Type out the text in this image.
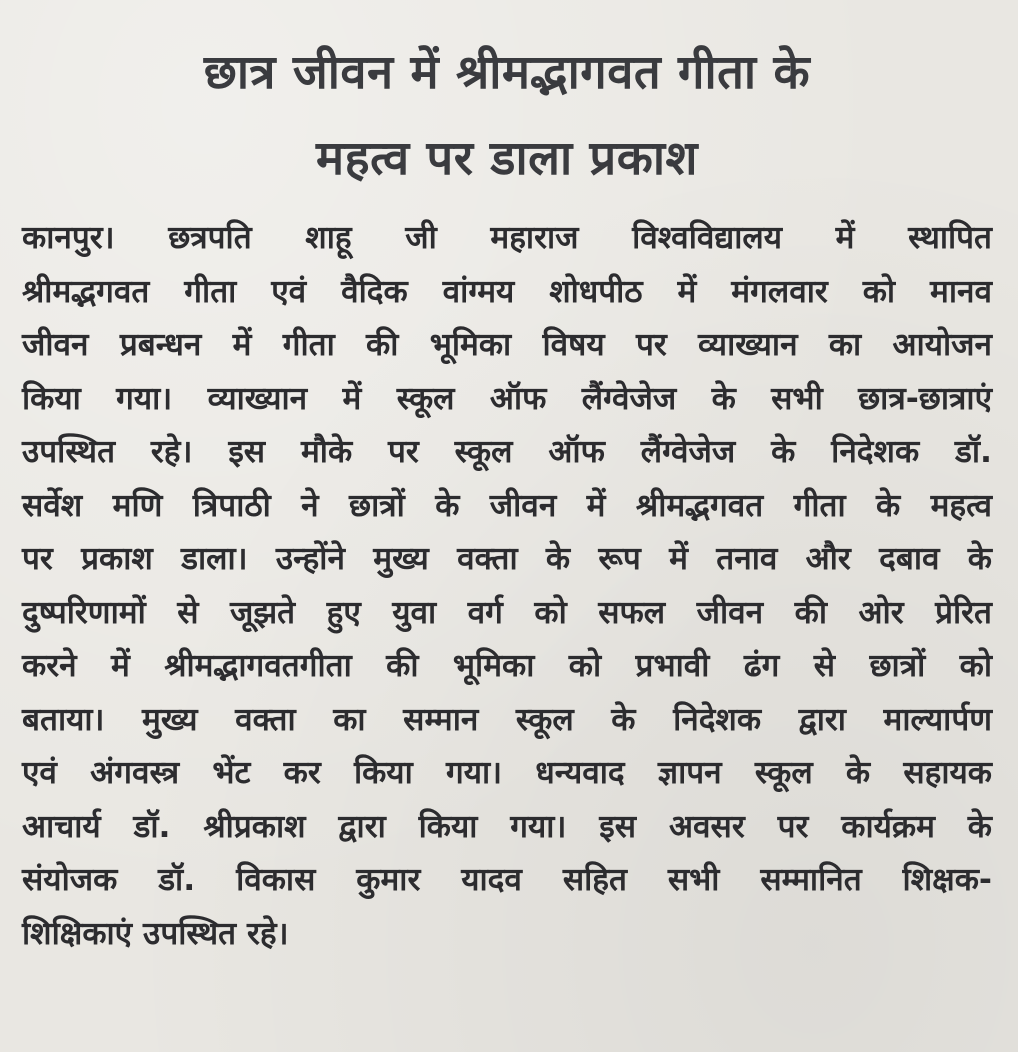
छात्र जीवन में श्रीमद्भागवत गीता के
महत्व पर डाला प्रकाश
कानपुर। छत्रपति शाहू जी महाराज विश्वविद्यालय में स्थापित
श्रीमद्भगवत गीता एवं वैदिक वांग्मय शोधपीठ में मंगलवार को मानव
जीवन प्रबन्धन में गीता की भूमिका विषय पर व्याख्यान का आयोजन
किया गया। व्याख्यान में स्कूल ऑफ लैंग्वेजेज के सभी छात्र-छात्राएं
उपस्थित रहे। इस मौके पर स्कूल ऑफ लैंग्वेजेज के निदेशक डॉ.
सर्वेश मणि त्रिपाठी ने छात्रों के जीवन में श्रीमद्भगवत गीता के महत्व
पर प्रकाश डाला। उन्होंने मुख्य वक्ता के रूप में तनाव और दबाव के
दुष्परिणामों से जूझते हुए युवा वर्ग को सफल जीवन की ओर प्रेरित
करने में श्रीमद्भागवतगीता की भूमिका को प्रभावी ढंग से छात्रों को
बताया। मुख्य वक्ता का सम्मान स्कूल के निदेशक द्वारा माल्यार्पण
एवं अंगवस्त्र भेंट कर किया गया। धन्यवाद ज्ञापन स्कूल के सहायक
आचार्य डॉ. श्रीप्रकाश द्वारा किया गया। इस अवसर पर कार्यक्रम के
संयोजक डॉ. विकास कुमार यादव सहित सभी सम्मानित शिक्षक-
शिक्षिकाएं उपस्थित रहे।
